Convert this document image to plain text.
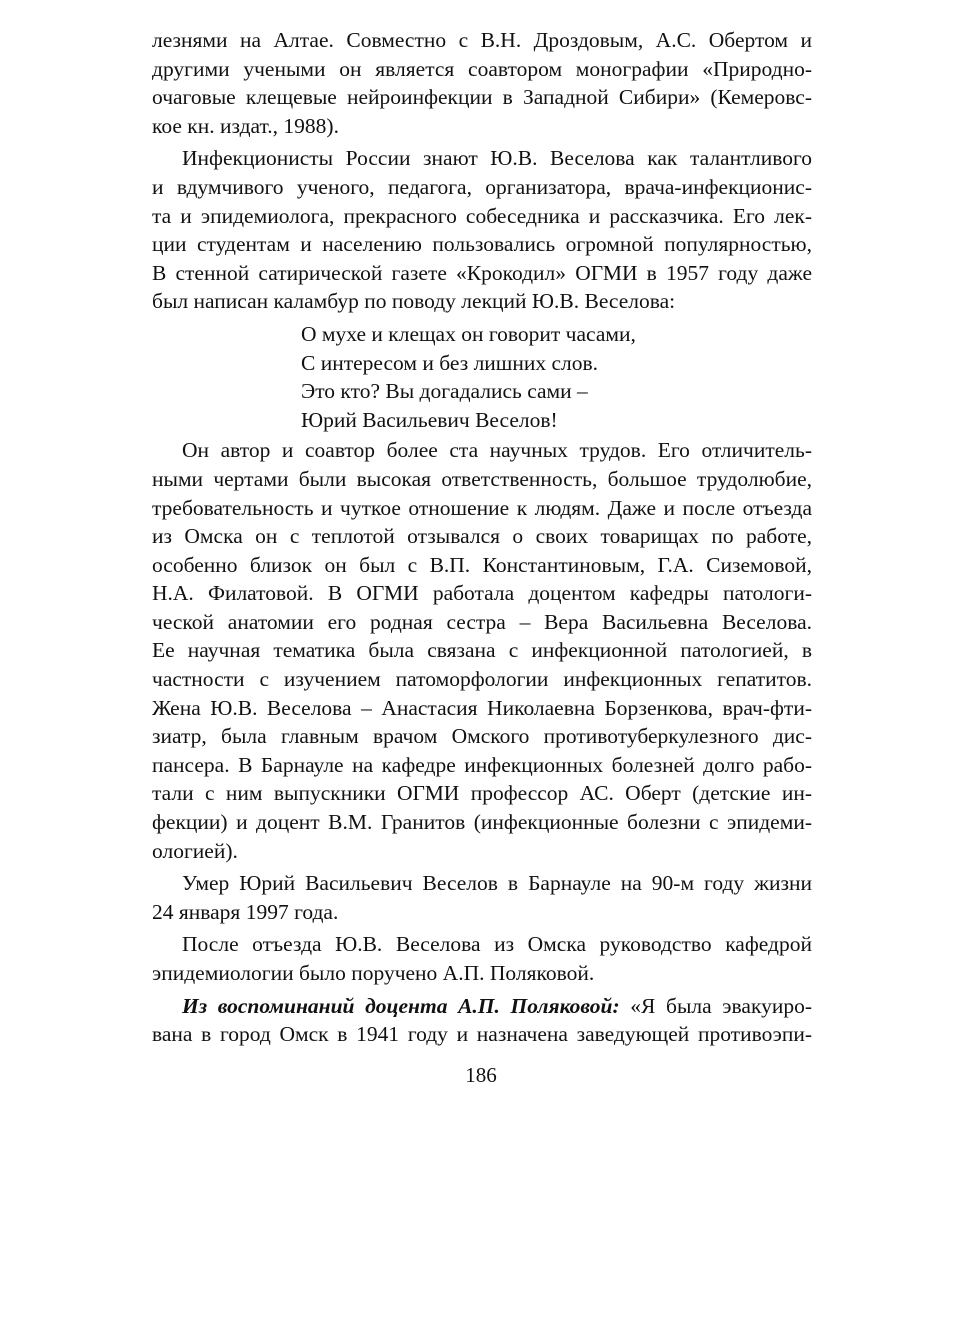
лезнями на Алтае. Совместно с В.Н. Дроздовым, А.С. Обертом и
другими учеными он является соавтором монографии «Природно-
очаговые клещевые нейроинфекции в Западной Сибири» (Кемеровс-
кое кн. издат., 1988).
Инфекционисты России знают Ю.В. Веселова как талантливого
и вдумчивого ученого, педагога, организатора, врача-инфекционис-
та и эпидемиолога, прекрасного собеседника и рассказчика. Его лек-
ции студентам и населению пользовались огромной популярностью,
В стенной сатирической газете «Крокодил» ОГМИ в 1957 году даже
был написан каламбур по поводу лекций Ю.В. Веселова:
О мухе и клещах он говорит часами,
С интересом и без лишних слов.
Это кто? Вы догадались сами –
Юрий Васильевич Веселов!
Он автор и соавтор более ста научных трудов. Его отличитель-
ными чертами были высокая ответственность, большое трудолюбие,
требовательность и чуткое отношение к людям. Даже и после отъезда
из Омска он с теплотой отзывался о своих товарищах по работе,
особенно близок он был с В.П. Константиновым, Г.А. Сиземовой,
Н.А. Филатовой. В ОГМИ работала доцентом кафедры патологи-
ческой анатомии его родная сестра – Вера Васильевна Веселова.
Ее научная тематика была связана с инфекционной патологией, в
частности с изучением патоморфологии инфекционных гепатитов.
Жена Ю.В. Веселова – Анастасия Николаевна Борзенкова, врач-фти-
зиатр, была главным врачом Омского противотуберкулезного дис-
пансера. В Барнауле на кафедре инфекционных болезней долго рабо-
тали с ним выпускники ОГМИ профессор АС. Оберт (детские ин-
фекции) и доцент В.М. Гранитов (инфекционные болезни с эпидеми-
ологией).
Умер Юрий Васильевич Веселов в Барнауле на 90-м году жизни
24 января 1997 года.
После отъезда Ю.В. Веселова из Омска руководство кафедрой
эпидемиологии было поручено А.П. Поляковой.
Из воспоминаний доцента А.П. Поляковой: «Я была эвакуиро-
вана в город Омск в 1941 году и назначена заведующей противоэпи-
186
